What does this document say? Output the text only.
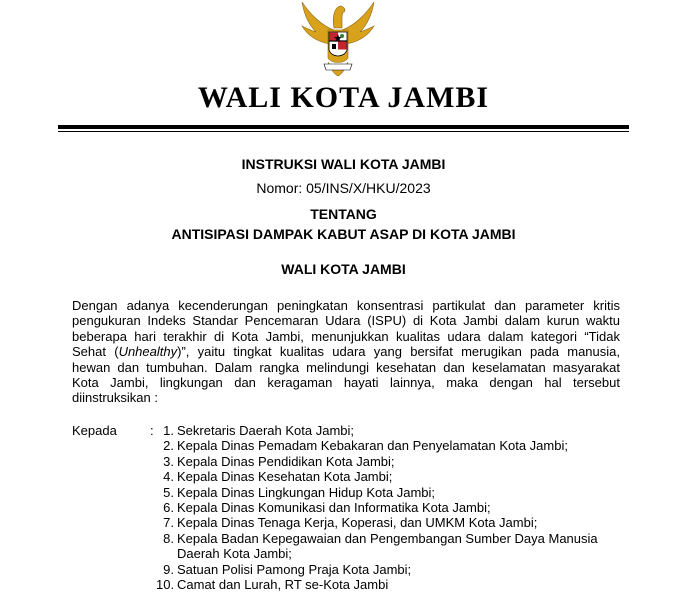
WALI KOTA JAMBI
INSTRUKSI WALI KOTA JAMBI
Nomor: 05/INS/X/HKU/2023
TENTANG
ANTISIPASI DAMPAK KABUT ASAP DI KOTA JAMBI
WALI KOTA JAMBI
Dengan adanya kecenderungan peningkatan konsentrasi partikulat dan parameter kritis
pengukuran Indeks Standar Pencemaran Udara (ISPU) di Kota Jambi dalam kurun waktu
beberapa hari terakhir di Kota Jambi, menunjukkan kualitas udara dalam kategori “Tidak
Sehat (Unhealthy)”, yaitu tingkat kualitas udara yang bersifat merugikan pada manusia,
hewan dan tumbuhan. Dalam rangka melindungi kesehatan dan keselamatan masyarakat
Kota Jambi, lingkungan dan keragaman hayati lainnya, maka dengan hal tersebut
diinstruksikan :
Kepada	: 1. Sekretaris Daerah Kota Jambi;
2. Kepala Dinas Pemadam Kebakaran dan Penyelamatan Kota Jambi;
3. Kepala Dinas Pendidikan Kota Jambi;
4. Kepala Dinas Kesehatan Kota Jambi;
5. Kepala Dinas Lingkungan Hidup Kota Jambi;
6. Kepala Dinas Komunikasi dan Informatika Kota Jambi;
7. Kepala Dinas Tenaga Kerja, Koperasi, dan UMKM Kota Jambi;
8. Kepala Badan Kepegawaian dan Pengembangan Sumber Daya Manusia Daerah Kota Jambi;
9. Satuan Polisi Pamong Praja Kota Jambi;
10. Camat dan Lurah, RT se-Kota Jambi
